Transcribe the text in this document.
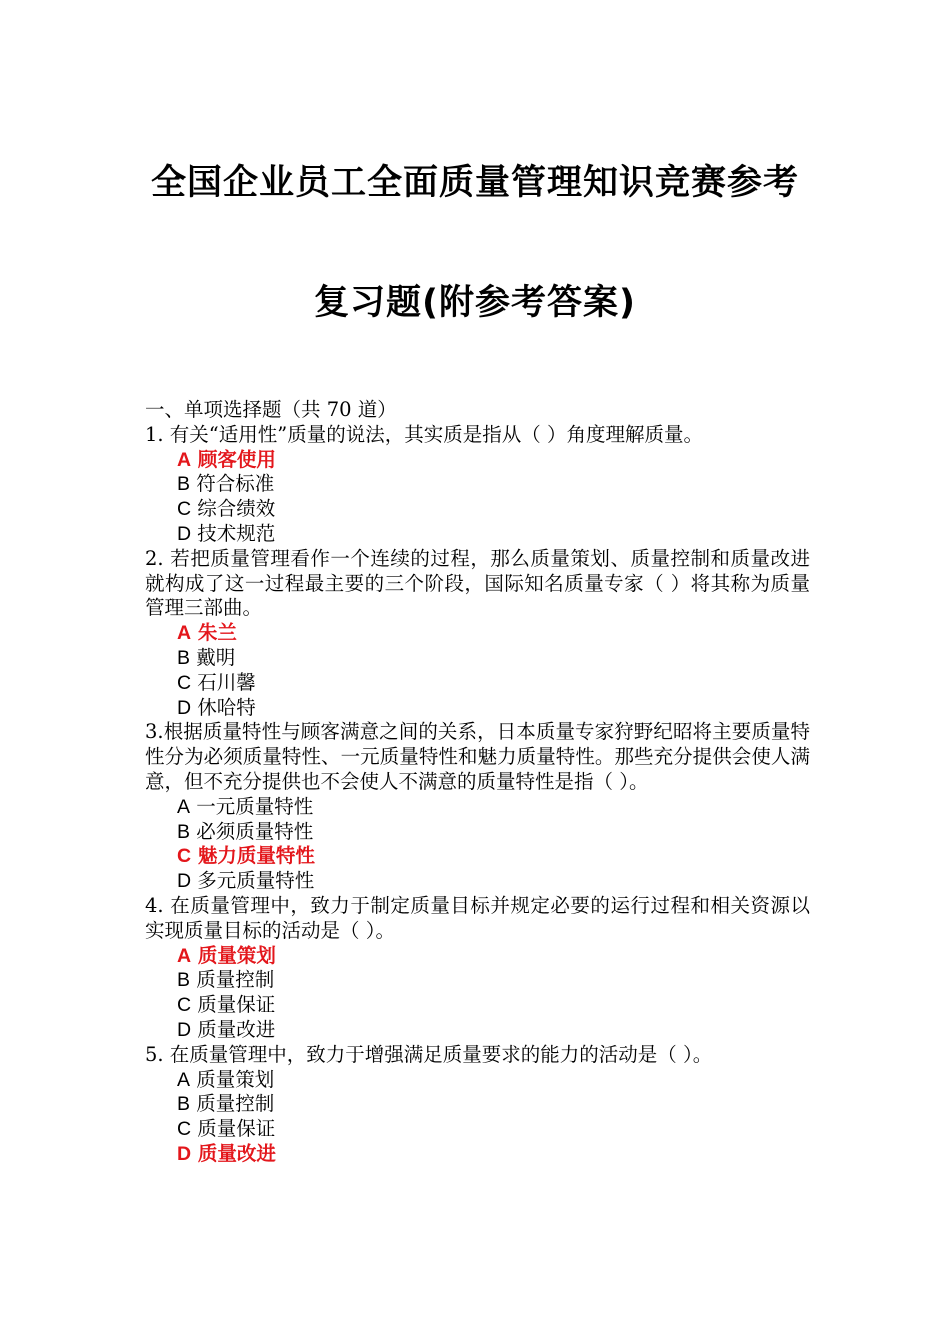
全国企业员工全面质量管理知识竞赛参考
复习题(附参考答案)

一、单项选择题（共 70 道）

1. 有关“适用性”质量的说法，其实质是指从（ ）角度理解质量。

A 顾客使用
B 符合标准
C 综合绩效
D 技术规范

2. 若把质量管理看作一个连续的过程，那么质量策划、质量控制和质量改进就构成了这一过程最主要的三个阶段，国际知名质量专家（ ）将其称为质量管理三部曲。

A 朱兰
B 戴明
C 石川馨
D 休哈特

3.根据质量特性与顾客满意之间的关系，日本质量专家狩野纪昭将主要质量特性分为必须质量特性、一元质量特性和魅力质量特性。那些充分提供会使人满意，但不充分提供也不会使人不满意的质量特性是指（ ）。

A 一元质量特性
B 必须质量特性
C 魅力质量特性
D 多元质量特性

4. 在质量管理中，致力于制定质量目标并规定必要的运行过程和相关资源以实现质量目标的活动是（ ）。

A 质量策划
B 质量控制
C 质量保证
D 质量改进

5. 在质量管理中，致力于增强满足质量要求的能力的活动是（ ）。

A 质量策划
B 质量控制
C 质量保证
D 质量改进
